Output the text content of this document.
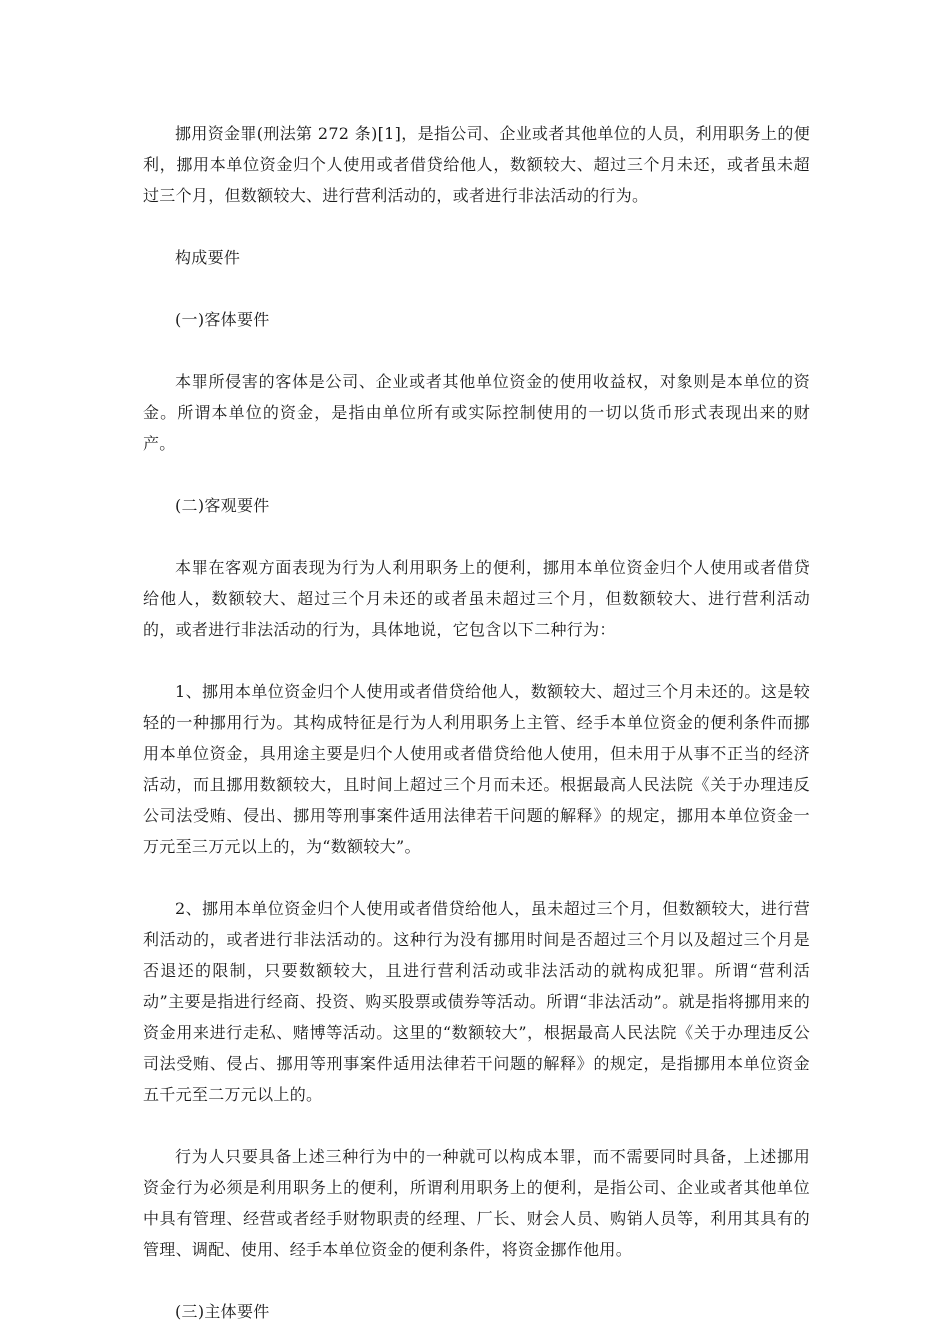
挪用资金罪(刑法第 272 条)[1]，是指公司、企业或者其他单位的人员，利用职务上的便利，挪用本单位资金归个人使用或者借贷给他人，数额较大、超过三个月未还，或者虽未超过三个月，但数额较大、进行营利活动的，或者进行非法活动的行为。

构成要件

(一)客体要件

本罪所侵害的客体是公司、企业或者其他单位资金的使用收益权，对象则是本单位的资金。所谓本单位的资金，是指由单位所有或实际控制使用的一切以货币形式表现出来的财产。

(二)客观要件

本罪在客观方面表现为行为人利用职务上的便利，挪用本单位资金归个人使用或者借贷给他人，数额较大、超过三个月未还的或者虽未超过三个月，但数额较大、进行营利活动的，或者进行非法活动的行为，具体地说，它包含以下二种行为：

1、挪用本单位资金归个人使用或者借贷给他人，数额较大、超过三个月未还的。这是较轻的一种挪用行为。其构成特征是行为人利用职务上主管、经手本单位资金的便利条件而挪用本单位资金，具用途主要是归个人使用或者借贷给他人使用，但未用于从事不正当的经济活动，而且挪用数额较大，且时间上超过三个月而未还。根据最高人民法院《关于办理违反公司法受贿、侵出、挪用等刑事案件适用法律若干问题的解释》的规定，挪用本单位资金一万元至三万元以上的，为“数额较大”。

2、挪用本单位资金归个人使用或者借贷给他人，虽未超过三个月，但数额较大，进行营利活动的，或者进行非法活动的。这种行为没有挪用时间是否超过三个月以及超过三个月是否退还的限制，只要数额较大，且进行营利活动或非法活动的就构成犯罪。所谓“营利活动”主要是指进行经商、投资、购买股票或债券等活动。所谓“非法活动”。就是指将挪用来的资金用来进行走私、赌博等活动。这里的“数额较大”，根据最高人民法院《关于办理违反公司法受贿、侵占、挪用等刑事案件适用法律若干问题的解释》的规定，是指挪用本单位资金五千元至二万元以上的。

行为人只要具备上述三种行为中的一种就可以构成本罪，而不需要同时具备，上述挪用资金行为必须是利用职务上的便利，所谓利用职务上的便利，是指公司、企业或者其他单位中具有管理、经营或者经手财物职责的经理、厂长、财会人员、购销人员等，利用其具有的管理、调配、使用、经手本单位资金的便利条件，将资金挪作他用。

(三)主体要件
